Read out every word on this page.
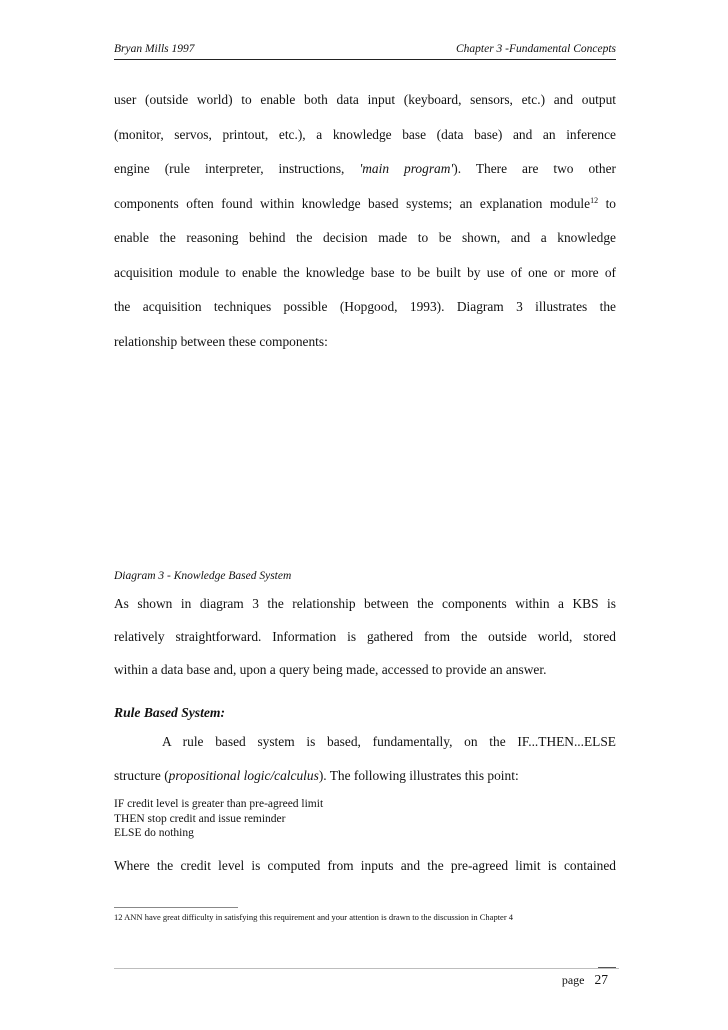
Bryan Mills 1997	Chapter 3 -Fundamental Concepts
user (outside world) to enable both data input (keyboard, sensors, etc.) and output
(monitor, servos, printout, etc.), a knowledge base (data base) and an inference
engine (rule interpreter, instructions, 'main program'). There are two other
components often found within knowledge based systems; an explanation module$^{12}$ to
enable the reasoning behind the decision made to be shown, and a knowledge
acquisition module to enable the knowledge base to be built by use of one or more of
the acquisition techniques possible (Hopgood, 1993). Diagram 3 illustrates the
relationship between these components:
Diagram 3 - Knowledge Based System
As shown in diagram 3 the relationship between the components within a KBS is
relatively straightforward. Information is gathered from the outside world, stored
within a data base and, upon a query being made, accessed to provide an answer.
Rule Based System:
A rule based system is based, fundamentally, on the IF...THEN...ELSE
structure (propositional logic/calculus). The following illustrates this point:
IF credit level is greater than pre-agreed limit
THEN stop credit and issue reminder
ELSE do nothing
Where the credit level is computed from inputs and the pre-agreed limit is contained
12 ANN have great difficulty in satisfying this requirement and your attention is drawn to the discussion in Chapter 4
page 27
